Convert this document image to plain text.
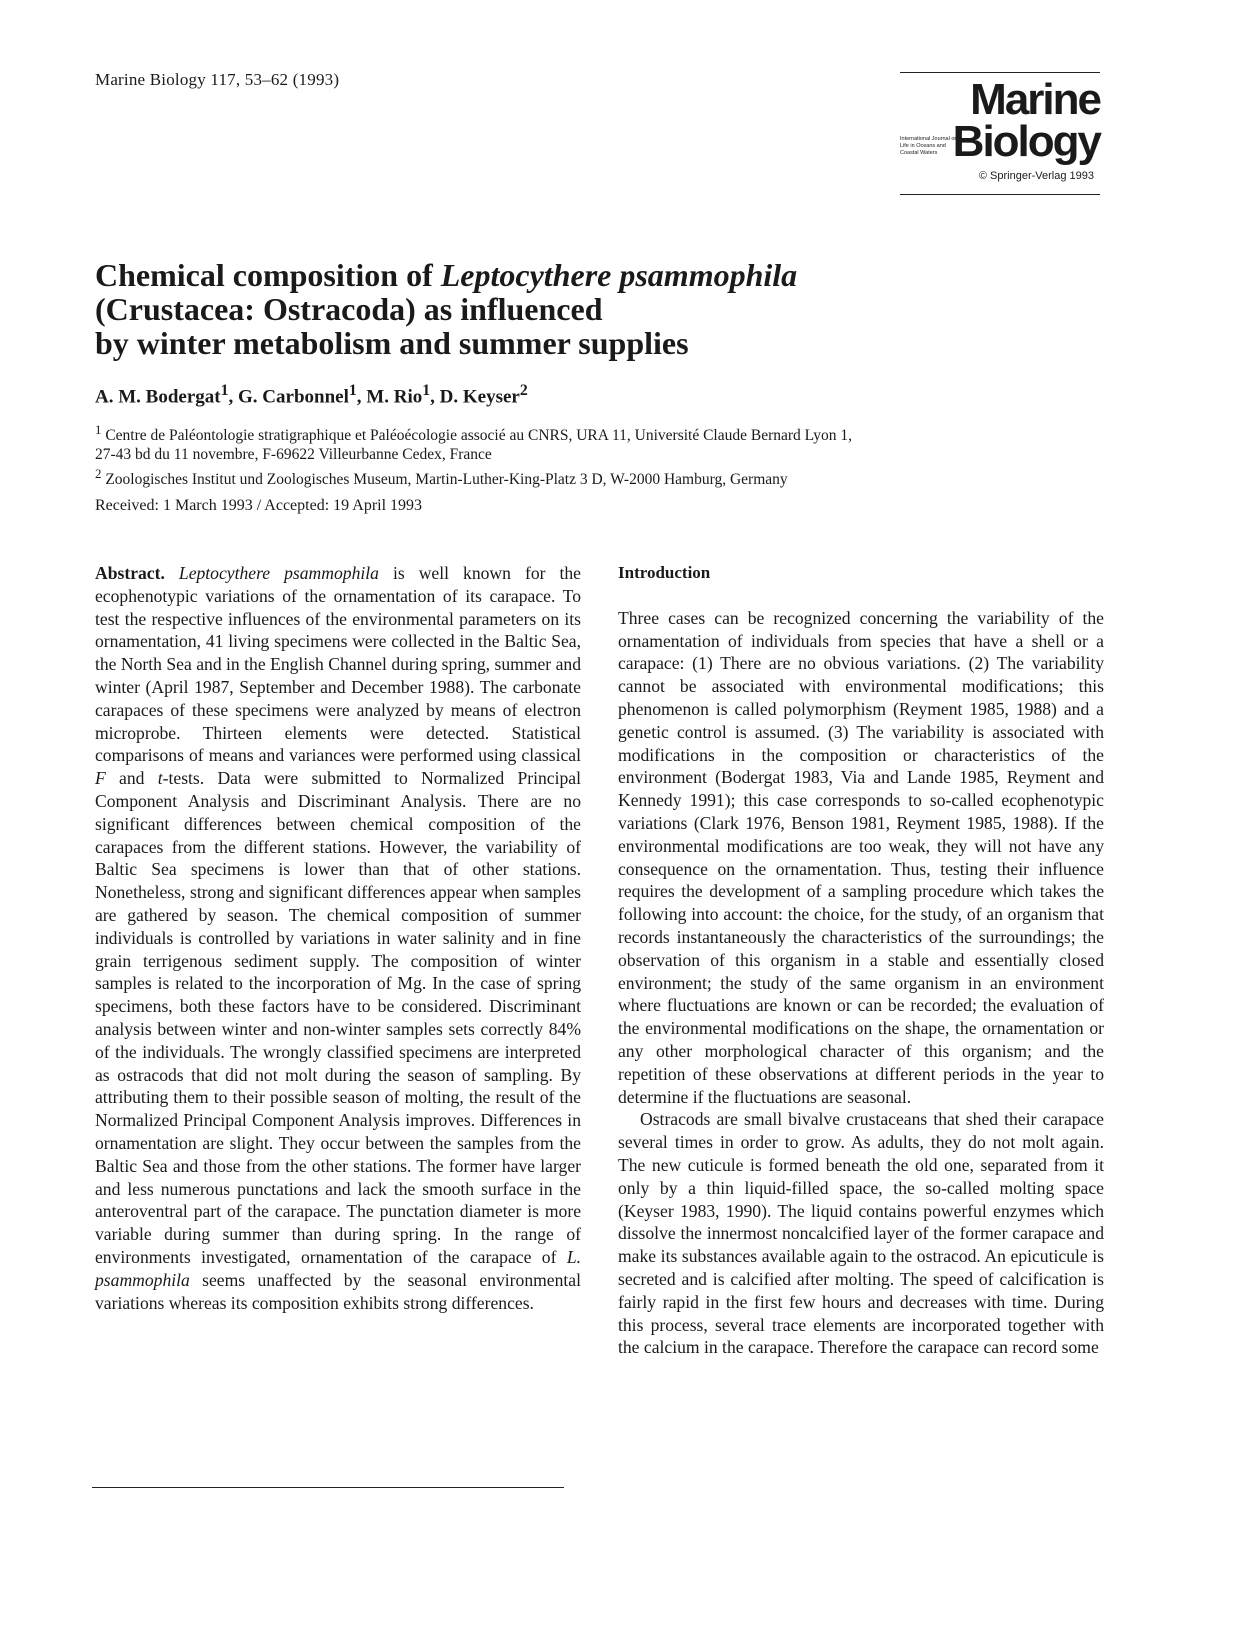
Marine Biology 117, 53–62 (1993)	Marine
International Journal on Life in Oceans and Coastal Waters Biology
© Springer-Verlag 1993
Chemical composition of Leptocythere psammophila
(Crustacea: Ostracoda) as influenced
by winter metabolism and summer supplies
A. M. Bodergat$^1$, G. Carbonnel$^1$, M. Rio$^1$, D. Keyser$^2$

$^1$ Centre de Paléontologie stratigraphique et Paléoécologie associé au CNRS, URA 11, Université Claude Bernard Lyon 1,

27-43 bd du 11 novembre, F-69622 Villeurbanne Cedex, France

$^2$ Zoologisches Institut und Zoologisches Museum, Martin-Luther-King-Platz 3 D, W-2000 Hamburg, Germany

Received: 1 March 1993 / Accepted: 19 April 1993

Abstract. Leptocythere psammophila is well known for the ecophenotypic variations of the ornamentation of its carapace. To test the respective influences of the environmental parameters on its ornamentation, 41 living specimens were collected in the Baltic Sea, the North Sea and in the English Channel during spring, summer and winter (April 1987, September and December 1988). The carbonate carapaces of these specimens were analyzed by means of electron microprobe. Thirteen elements were detected. Statistical comparisons of means and variances were performed using classical F and t-tests. Data were submitted to Normalized Principal Component Analysis and Discriminant Analysis. There are no significant differences between chemical composition of the carapaces from the different stations. However, the variability of Baltic Sea specimens is lower than that of other stations. Nonetheless, strong and significant differences appear when samples are gathered by season. The chemical composition of summer individuals is controlled by variations in water salinity and in fine grain terrigenous sediment supply. The composition of winter samples is related to the incorporation of Mg. In the case of spring specimens, both these factors have to be considered. Discriminant analysis between winter and non-winter samples sets correctly 84% of the individuals. The wrongly classified specimens are interpreted as ostracods that did not molt during the season of sampling. By attributing them to their possible season of molting, the result of the Normalized Principal Component Analysis improves. Differences in ornamentation are slight. They occur between the samples from the Baltic Sea and those from the other stations. The former have larger and less numerous punctations and lack the smooth surface in the anteroventral part of the carapace. The punctation diameter is more variable during summer than during spring. In the range of environments investigated, ornamentation of the carapace of L. psammophila seems unaffected by the seasonal environmental variations whereas its composition exhibits strong differences.

Introduction

Three cases can be recognized concerning the variability of the ornamentation of individuals from species that have a shell or a carapace: (1) There are no obvious variations. (2) The variability cannot be associated with environmental modifications; this phenomenon is called polymorphism (Reyment 1985, 1988) and a genetic control is assumed. (3) The variability is associated with modifications in the composition or characteristics of the environment (Bodergat 1983, Via and Lande 1985, Reyment and Kennedy 1991); this case corresponds to so-called ecophenotypic variations (Clark 1976, Benson 1981, Reyment 1985, 1988). If the environmental modifications are too weak, they will not have any consequence on the ornamentation. Thus, testing their influence requires the development of a sampling procedure which takes the following into account: the choice, for the study, of an organism that records instantaneously the characteristics of the surroundings; the observation of this organism in a stable and essentially closed environment; the study of the same organism in an environment where fluctuations are known or can be recorded; the evaluation of the environmental modifications on the shape, the ornamentation or any other morphological character of this organism; and the repetition of these observations at different periods in the year to determine if the fluctuations are seasonal.

Ostracods are small bivalve crustaceans that shed their carapace several times in order to grow. As adults, they do not molt again. The new cuticule is formed beneath the old one, separated from it only by a thin liquid-filled space, the so-called molting space (Keyser 1983, 1990). The liquid contains powerful enzymes which dissolve the innermost noncalcified layer of the former carapace and make its substances available again to the ostracod. An epicuticule is secreted and is calcified after molting. The speed of calcification is fairly rapid in the first few hours and decreases with time. During this process, several trace elements are incorporated together with the calcium in the carapace. Therefore the carapace can record some
